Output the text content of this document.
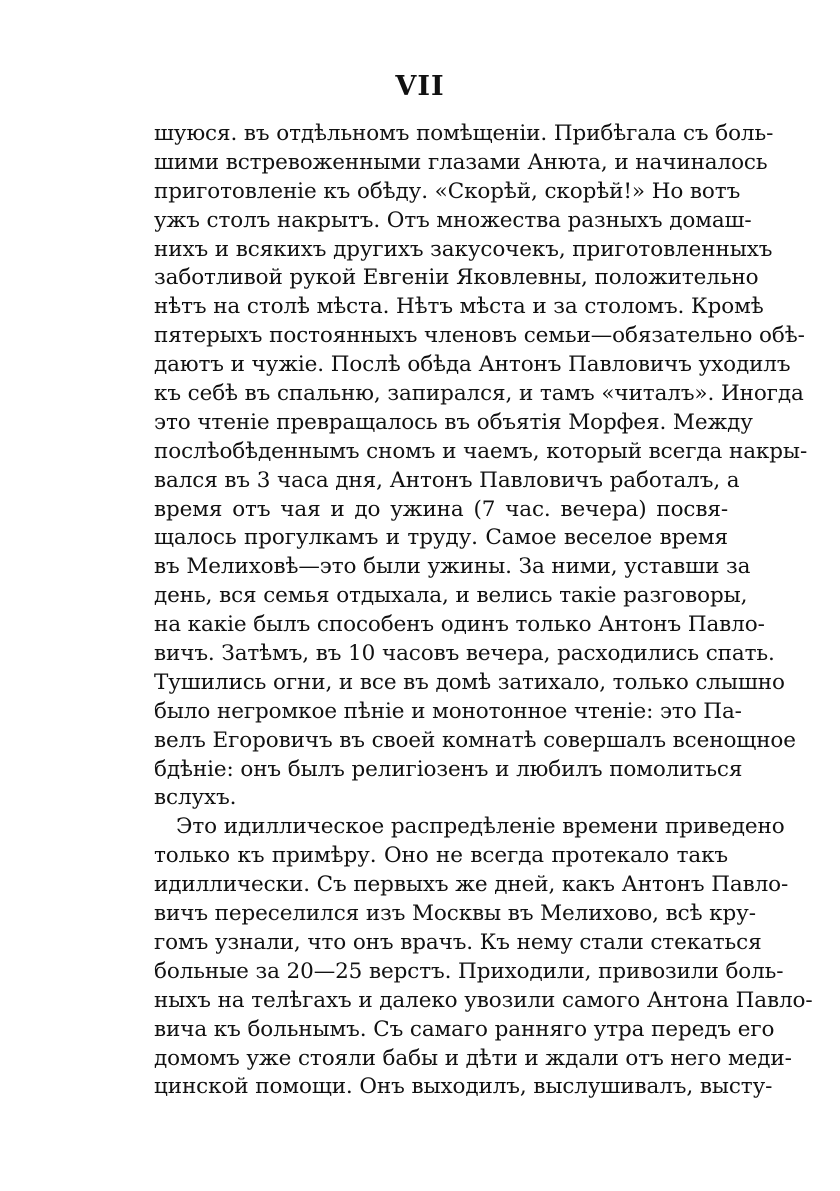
VII
шуюся. въ отдѣльномъ помѣщеніи. Прибѣгала съ боль-
шими встревоженными глазами Анюта, и начиналось
приготовленіе къ обѣду. «Скорѣй, скорѣй!» Но вотъ
ужъ столъ накрытъ. Отъ множества разныхъ домаш-
нихъ и всякихъ другихъ закусочекъ, приготовленныхъ
заботливой рукой Евгеніи Яковлевны, положительно
нѣтъ на столѣ мѣста. Нѣтъ мѣста и за столомъ. Кромѣ
пятерыхъ постоянныхъ членовъ семьи—обязательно обѣ-
даютъ и чужіе. Послѣ обѣда Антонъ Павловичъ уходилъ
къ себѣ въ спальню, запирался, и тамъ «читалъ». Иногда
это чтеніе превращалось въ объятія Морфея. Между
послѣобѣденнымъ сномъ и чаемъ, который всегда накры-
вался въ 3 часа дня, Антонъ Павловичъ работалъ, а
время отъ чая и до ужина (7 час. вечера) посвя-
щалось прогулкамъ и труду. Самое веселое время
въ Мелиховѣ—это были ужины. За ними, уставши за
день, вся семья отдыхала, и велись такіе разговоры,
на какіе былъ способенъ одинъ только Антонъ Павло-
вичъ. Затѣмъ, въ 10 часовъ вечера, расходились спать.
Тушились огни, и все въ домѣ затихало, только слышно
было негромкое пѣніе и монотонное чтеніе: это Па-
велъ Егоровичъ въ своей комнатѣ совершалъ всенощное
бдѣніе: онъ былъ религіозенъ и любилъ помолиться
вслухъ.
Это идиллическое распредѣленіе времени приведено
только къ примѣру. Оно не всегда протекало такъ
идиллически. Съ первыхъ же дней, какъ Антонъ Павло-
вичъ переселился изъ Москвы въ Мелихово, всѣ кру-
гомъ узнали, что онъ врачъ. Къ нему стали стекаться
больные за 20—25 верстъ. Приходили, привозили боль-
ныхъ на телѣгахъ и далеко увозили самого Антона Павло-
вича къ больнымъ. Съ самаго ранняго утра передъ его
домомъ уже стояли бабы и дѣти и ждали отъ него меди-
цинской помощи. Онъ выходилъ, выслушивалъ, высту-
